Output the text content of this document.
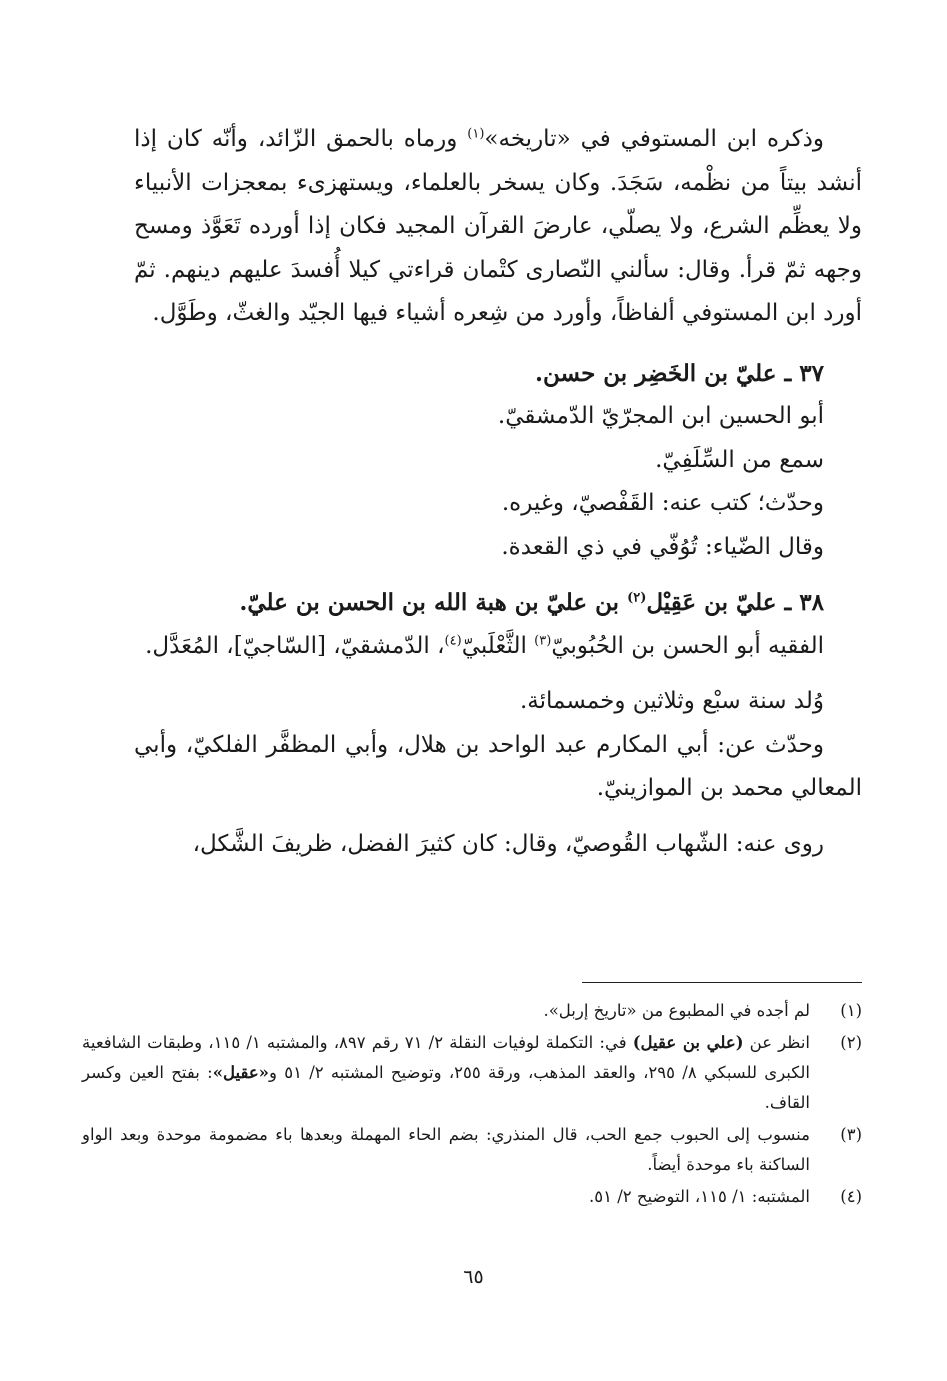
وذكره ابن المستوفي في «تاريخه»$^{(١)}$ ورماه بالحمق الزّائد، وأنّه كان إذا أنشد بيتاً من نظْمه، سَجَدَ. وكان يسخر بالعلماء، ويستهزىء بمعجزات الأنبياء ولا يعظِّم الشرع، ولا يصلّي، عارضَ القرآن المجيد فكان إذا أورده تَعَوَّذ ومسح وجهه ثمّ قرأ. وقال: سألني النّصارى كتْمان قراءتي كيلا أُفسدَ عليهم دينهم. ثمّ أورد ابن المستوفي ألفاظاً، وأورد من شِعره أشياء فيها الجيّد والغثّ، وطَوَّل.

٣٧ ـ عليّ بن الخَضِر بن حسن.

أبو الحسين ابن المجرّيّ الدّمشقيّ.

سمع من السِّلَفِيّ.

وحدّث؛ كتب عنه: القَفْصيّ، وغيره.

وقال الضّياء: تُوُفّي في ذي القعدة.

٣٨ ـ عليّ بن عَقِيْل$^{(٢)}$ بن عليّ بن هبة الله بن الحسن بن عليّ.

الفقيه أبو الحسن بن الحُبُوبيّ$^{(٣)}$ الثَّعْلَبيّ$^{(٤)}$، الدّمشقيّ، [السّاجيّ]، المُعَدَّل.

وُلد سنة سبْع وثلاثين وخمسمائة.

وحدّث عن: أبي المكارم عبد الواحد بن هلال، وأبي المظفَّر الفلكيّ، وأبي المعالي محمد بن الموازينيّ.

روى عنه: الشّهاب القُوصيّ، وقال: كان كثيرَ الفضل، ظريفَ الشَّكل،

(١)
لم أجده في المطبوع من «تاريخ إربل».
(٢)
انظر عن (علي بن عقيل) في: التكملة لوفيات النقلة ٢/ ٧١ رقم ٨٩٧، والمشتبه ١/ ١١٥، وطبقات الشافعية الكبرى للسبكي ٨/ ٢٩٥، والعقد المذهب، ورقة ٢٥٥، وتوضيح المشتبه ٢/ ٥١ و«عقيل»: بفتح العين وكسر القاف.
(٣)
منسوب إلى الحبوب جمع الحب، قال المنذري: بضم الحاء المهملة وبعدها باء مضمومة موحدة وبعد الواو الساكنة باء موحدة أيضاً.
(٤)
المشتبه: ١/ ١١٥، التوضيح ٢/ ٥١.
٦٥
